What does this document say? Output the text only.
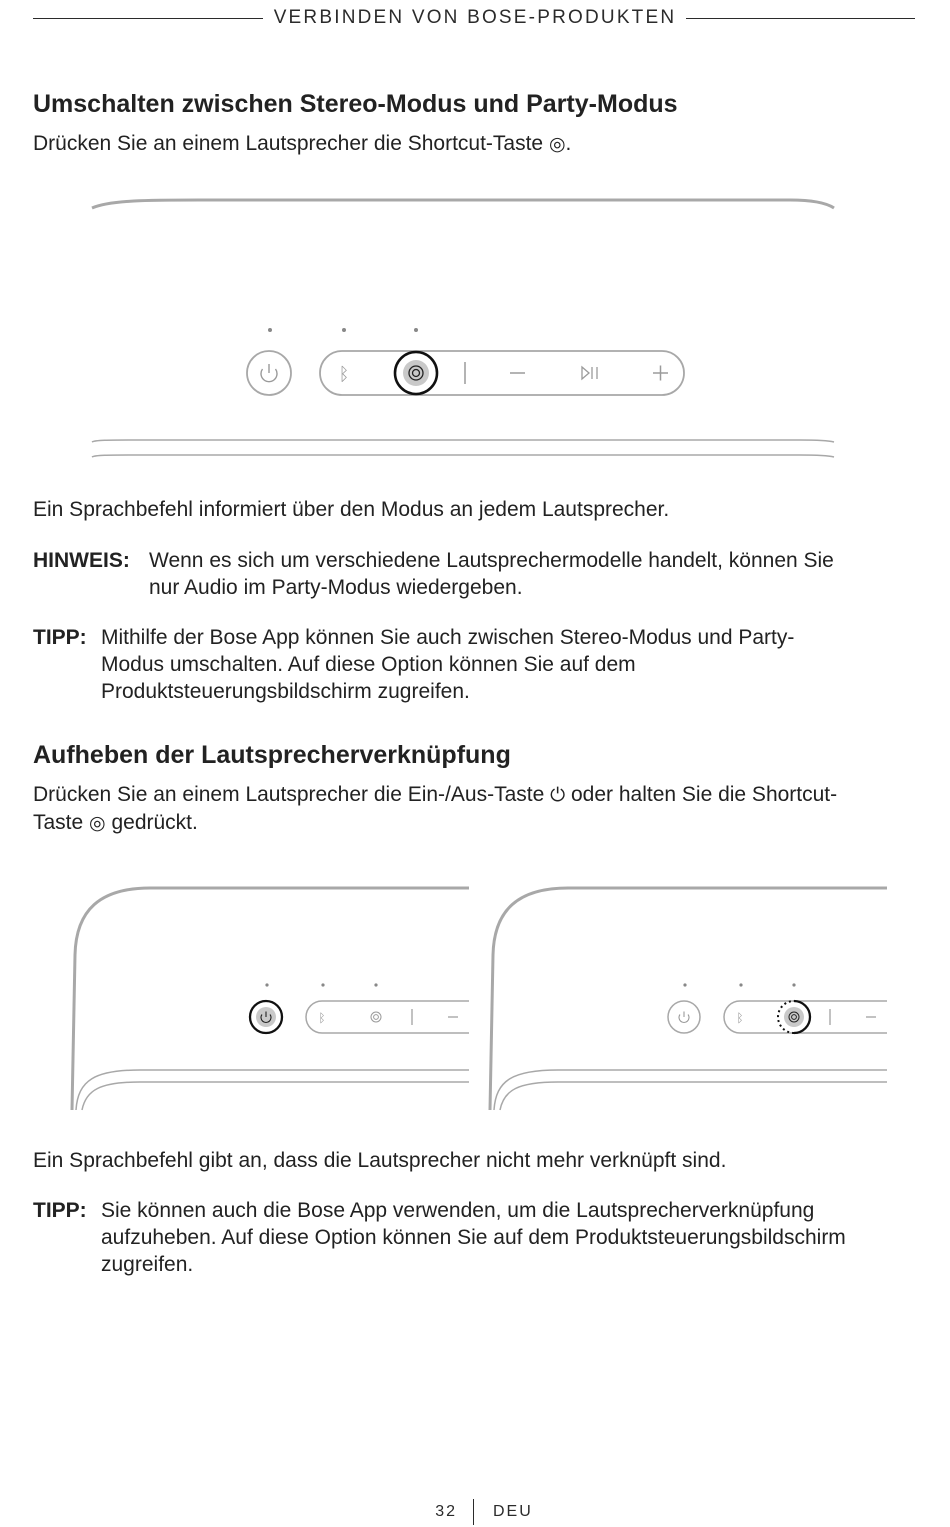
VERBINDEN VON BOSE-PRODUKTEN
Umschalten zwischen Stereo-Modus und Party-Modus

Drücken Sie an einem Lautsprecher die Shortcut-Taste ◎.

ᛒ

Ein Sprachbefehl informiert über den Modus an jedem Lautsprecher.

HINWEIS: Wenn es sich um verschiedene Lautsprechermodelle handelt, können Sie nur Audio im Party-Modus wiedergeben.
TIPP: Mithilfe der Bose App können Sie auch zwischen Stereo-Modus und Party-Modus umschalten. Auf diese Option können Sie auf dem Produktsteuerungsbildschirm zugreifen.
Aufheben der Lautsprecherverknüpfung

Drücken Sie an einem Lautsprecher die Ein-/Aus-Taste ⏻ oder halten Sie die Shortcut-Taste ◎ gedrückt.

ᛒ	ᛒ

Ein Sprachbefehl gibt an, dass die Lautsprecher nicht mehr verknüpft sind.

TIPP: Sie können auch die Bose App verwenden, um die Lautsprecherverknüpfung aufzuheben. Auf diese Option können Sie auf dem Produktsteuerungsbildschirm zugreifen.
32 DEU
